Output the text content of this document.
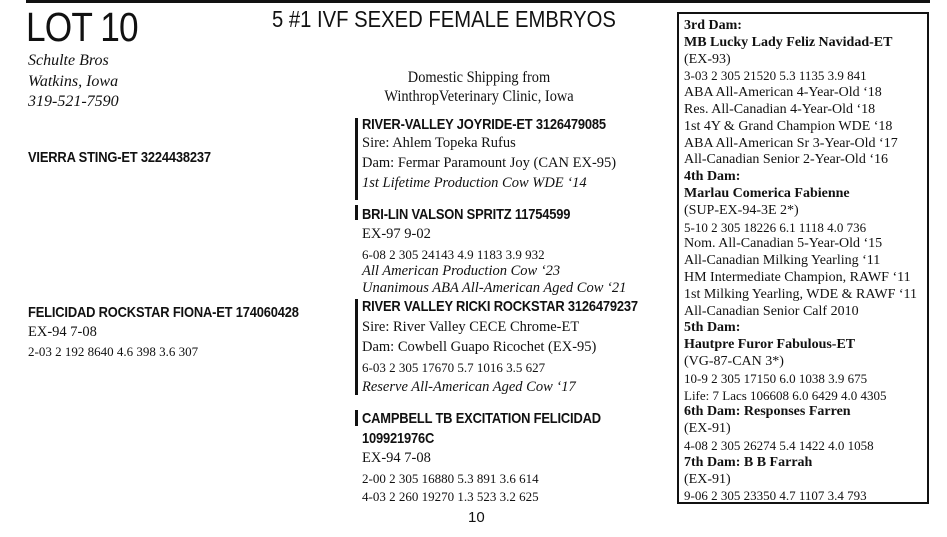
LOT 10	5 #1 IVF SEXED FEMALE EMBRYOS
Schulte Bros
Watkins, Iowa
319-521-7590
Domestic Shipping from
WinthropVeterinary Clinic, Iowa
VIERRA STING-ET 3224438237
RIVER-VALLEY JOYRIDE-ET 3126479085
Sire: Ahlem Topeka Rufus
Dam: Fermar Paramount Joy (CAN EX-95)
1st Lifetime Production Cow WDE ‘14
BRI-LIN VALSON SPRITZ 11754599
EX-97 9-02
6-08 2 305 24143 4.9 1183 3.9 932
All American Production Cow ‘23
Unanimous ABA All-American Aged Cow ‘21
FELICIDAD ROCKSTAR FIONA-ET 174060428
EX-94 7-08
2-03 2 192 8640 4.6 398 3.6 307
RIVER VALLEY RICKI ROCKSTAR 3126479237
Sire: River Valley CECE Chrome-ET
Dam: Cowbell Guapo Ricochet (EX-95)
6-03 2 305 17670 5.7 1016 3.5 627
Reserve All-American Aged Cow ‘17
CAMPBELL TB EXCITATION FELICIDAD
109921976C
EX-94 7-08
2-00 2 305 16880 5.3 891 3.6 614
4-03 2 260 19270 1.3 523 3.2 625
3rd Dam:
MB Lucky Lady Feliz Navidad-ET
(EX-93)
3-03 2 305 21520 5.3 1135 3.9 841
ABA All-American 4-Year-Old ‘18
Res. All-Canadian 4-Year-Old ‘18
1st 4Y & Grand Champion WDE ‘18
ABA All-American Sr 3-Year-Old ‘17
All-Canadian Senior 2-Year-Old ‘16
4th Dam:
Marlau Comerica Fabienne
(SUP-EX-94-3E 2*)
5-10 2 305 18226 6.1 1118 4.0 736
Nom. All-Canadian 5-Year-Old ‘15
All-Canadian Milking Yearling ‘11
HM Intermediate Champion, RAWF ‘11
1st Milking Yearling, WDE & RAWF ‘11
All-Canadian Senior Calf 2010
5th Dam:
Hautpre Furor Fabulous-ET
(VG-87-CAN 3*)
10-9 2 305 17150 6.0 1038 3.9 675
Life: 7 Lacs 106608 6.0 6429 4.0 4305
6th Dam: Responses Farren
(EX-91)
4-08 2 305 26274 5.4 1422 4.0 1058
7th Dam: B B Farrah
(EX-91)
9-06 2 305 23350 4.7 1107 3.4 793
10
